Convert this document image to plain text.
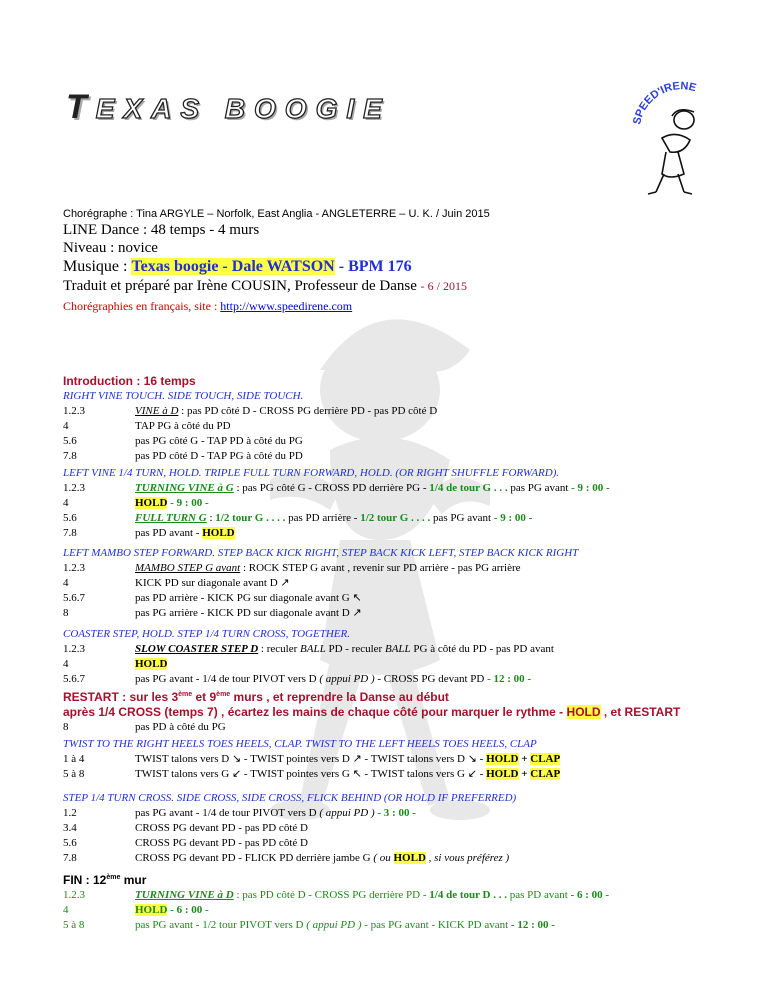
TEXAS BOOGIE	SPEED'IRENE
Chorégraphe : Tina ARGYLE – Norfolk, East Anglia - ANGLETERRE – U. K. / Juin 2015
LINE Dance : 48 temps - 4 murs
Niveau : novice
Musique : Texas boogie - Dale WATSON - BPM 176
Traduit et préparé par Irène COUSIN, Professeur de Danse - 6 / 2015
Chorégraphies en français, site : http://www.speedirene.com
Introduction : 16 temps
RIGHT VINE TOUCH. SIDE TOUCH, SIDE TOUCH.
1.2.3	VINE à D : pas PD côté D - CROSS PG derrière PD - pas PD côté D
4	TAP PG à côté du PD
5.6	pas PG côté G - TAP PD à côté du PG
7.8	pas PD côté D - TAP PG à côté du PD
LEFT VINE 1/4 TURN, HOLD. TRIPLE FULL TURN FORWARD, HOLD. (OR RIGHT SHUFFLE FORWARD).
1.2.3	TURNING VINE à G : pas PG côté G - CROSS PD derrière PG - 1/4 de tour G . . . pas PG avant - 9 : 00 -
4	HOLD - 9 : 00 -
5.6	FULL TURN G : 1/2 tour G . . . . pas PD arrière - 1/2 tour G . . . . pas PG avant - 9 : 00 -
7.8	pas PD avant - HOLD
LEFT MAMBO STEP FORWARD. STEP BACK KICK RIGHT, STEP BACK KICK LEFT, STEP BACK KICK RIGHT
1.2.3	MAMBO STEP G avant : ROCK STEP G avant , revenir sur PD arrière - pas PG arrière
4	KICK PD sur diagonale avant D ↗
5.6.7	pas PD arrière - KICK PG sur diagonale avant G ↖
8	pas PG arrière - KICK PD sur diagonale avant D ↗
COASTER STEP, HOLD. STEP 1/4 TURN CROSS, TOGETHER.
1.2.3	SLOW COASTER STEP D : reculer BALL PD - reculer BALL PG à côté du PD - pas PD avant
4	HOLD
5.6.7	pas PG avant - 1/4 de tour PIVOT vers D ( appui PD ) - CROSS PG devant PD - 12 : 00 -
RESTART : sur les 3ème et 9ème murs , et reprendre la Danse au début
après 1/4 CROSS (temps 7) , écartez les mains de chaque côté pour marquer le rythme - HOLD , et RESTART
8	pas PD à côté du PG
TWIST TO THE RIGHT HEELS TOES HEELS, CLAP. TWIST TO THE LEFT HEELS TOES HEELS, CLAP
1 à 4	TWIST talons vers D ↘ - TWIST pointes vers D ↗ - TWIST talons vers D ↘ - HOLD + CLAP
5 à 8	TWIST talons vers G ↙ - TWIST pointes vers G ↖ - TWIST talons vers G ↙ - HOLD + CLAP
STEP 1/4 TURN CROSS. SIDE CROSS, SIDE CROSS, FLICK BEHIND (OR HOLD IF PREFERRED)
1.2	pas PG avant - 1/4 de tour PIVOT vers D ( appui PD ) - 3 : 00 -
3.4	CROSS PG devant PD - pas PD côté D
5.6	CROSS PG devant PD - pas PD côté D
7.8	CROSS PG devant PD - FLICK PD derrière jambe G ( ou HOLD , si vous préférez )
FIN : 12ème mur
1.2.3	TURNING VINE à D : pas PD côté D - CROSS PG derrière PD - 1/4 de tour D . . . pas PD avant - 6 : 00 -
4	HOLD - 6 : 00 -
5 à 8	pas PG avant - 1/2 tour PIVOT vers D ( appui PD ) - pas PG avant - KICK PD avant - 12 : 00 -
